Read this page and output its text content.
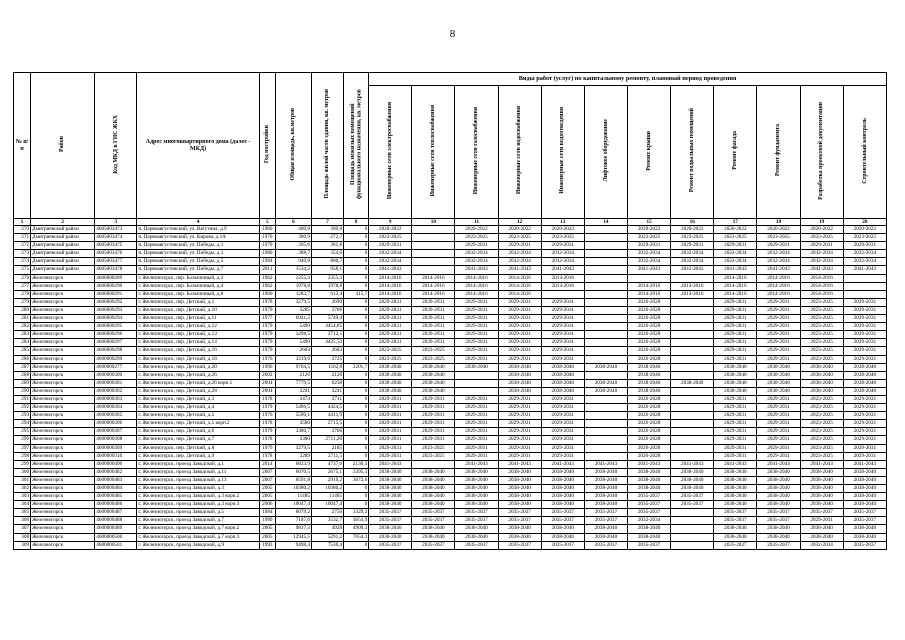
8
№ п/п	Район	Код МКД в ГИС ЖКХ	Адрес многоквартирного дома (далее - МКД)	Год постройки	Общая площадь, кв.метров	Площадь жилой части здания, кв. метров	Площадь нежилых помещений функционального назначения, кв. метров	Виды работ (услуг) по капитальному ремонту, плановый период проведения											
								Инженерные сети электроснабжения	Инженерные сети теплоснабжения	Инженерные сети газоснабжения	Инженерные сети водоснабжения	Инженерные сети водоотведения	Лифтовое оборудование	Ремонт крыши	Ремонт подвальных помещений	Ремонт фасада	Ремонт фундамента	Разработка проектной документации	Строительный контроль
1	2	3	4	5	6	7	8	9	10	11	12	13	14	15	16	17	18	19	20
270	Дмитриевский район	4605003473	п. Первоавгустовский, ул. Ватутина, д.9	1960	400,8	360,8	0	2020-2022		2020-2022	2020-2022	2020-2022		2020-2022	2020-2022	2020-2022	2020-2022	2020-2022	2020-2022
271	Дмитриевский район	4605003474	п. Первоавгустовский, ул. Кирова, д.1А	1970	300,9	272,7	0	2023-2025		2023-2025	2023-2025	2023-2025		2023-2025	2023-2025	2023-2025	2023-2025	2023-2025	2023-2025
272	Дмитриевский район	4605003475	п. Первоавгустовский, ул. Победы, д.1	1979	395,6	361,8	0	2029-2031		2029-2031	2029-2031	2029-2031		2029-2031	2029-2031	2029-2031	2029-2031	2029-2031	2029-2031
273	Дмитриевский район	4605003476	п. Первоавгустовский, ул. Победы, д.3	1980	388,7	354,6	0	2032-2034		2032-2034	2032-2034	2032-2034		2032-2034	2032-2034	2032-2034	2032-2034	2032-2034	2032-2034
274	Дмитриевский район	4605003477	п. Первоавгустовский, ул. Победы, д.5	1984	940,8	860,7	0	2032-2034		2032-2034	2032-2034	2032-2034		2032-2034	2032-2034	2032-2034	2032-2034	2032-2034	2032-2034
275	Дмитриевский район	4605003478	п. Первоавгустовский, ул. Победы, д.7	2011	1534,2	958,1	0	2041-2043		2041-2043	2041-2043	2041-2043		2041-2043	2041-2043	2041-2043	2041-2043	2041-2043	2041-2043
276	Железногорск	4606000289	г. Железногорск, пер. Больничный, д.2	1962	2355,3	2355,3	0	2014-2016	2014-2016	2014-2016	2014-2016	2014-2016				2014-2016	2014-2016	2014-2016	
277	Железногорск	4606000290	г. Железногорск, пер. Больничный, д.4	1962	1978,8	1978,8	0	2014-2016	2014-2016	2014-2016	2014-2016	2014-2016		2014-2016	2014-2016	2014-2016	2014-2016	2014-2016	
278	Железногорск	4606000291	г. Железногорск, пер. Больничный, д.8	1960	1283,7	612,4	415,7	2014-2016	2014-2016	2014-2016	2014-2016			2014-2016	2014-2016	2014-2016	2014-2016	2014-2016	
279	Железногорск	4606000292	г. Железногорск, пер. Детский, д.1	1978	3279,5	2690	0	2029-2031	2029-2031	2029-2031	2029-2031	2029-2031		2026-2028		2029-2031	2029-2031	2023-2025	2029-2031
280	Железногорск	4606000293	г. Железногорск, пер. Детский, д.10	1979	3285	2706	0	2029-2031	2029-2031	2029-2031	2029-2031	2029-2031		2026-2028		2029-2031	2029-2031	2023-2025	2029-2031
281	Железногорск	4606000294	г. Железногорск, пер. Детский, д.11	1977	6941,2	5749,4	0	2029-2031	2029-2031	2029-2031	2029-2031	2029-2031		2026-2028		2029-2031	2029-2031	2023-2025	2029-2031
282	Железногорск	4606000295	г. Железногорск, пер. Детский, д.12	1979	5400	4454,85	0	2029-2031	2029-2031	2029-2031	2029-2031	2029-2031		2026-2028		2029-2031	2029-2031	2023-2025	2029-2031
283	Железногорск	4606000296	г. Железногорск, пер. Детский, д.13	1979	3298,5	2712,5	0	2029-2031	2029-2031	2029-2031	2029-2031	2029-2031		2026-2028		2029-2031	2029-2031	2023-2025	2029-2031
284	Железногорск	4606000297	г. Железногорск, пер. Детский, д.14	1979	5400	4425,53	0	2029-2031	2029-2031	2029-2031	2029-2031	2029-2031		2026-2028		2029-2031	2029-2031	2023-2025	2029-2031
285	Железногорск	4606000298	г. Железногорск, пер. Детский, д.16	1979	2683	2683	0	2023-2025	2023-2025	2029-2031	2029-2031	2029-2031		2026-2028		2029-2031	2029-2031	2023-2025	2029-2031
286	Железногорск	4606000299	г. Железногорск, пер. Детский, д.18	1976	3319,6	2725	0	2023-2025	2023-2025	2029-2031	2029-2031	2029-2031		2026-2028		2029-2031	2029-2031	2023-2025	2029-2031
287	Железногорск	4606000277	г. Железногорск, пер. Детский, д.20	1990	9704,5	1502,8	2201,7	2038-2040	2038-2040	2038-2040	2038-2040	2038-2040	2038-2040	2038-2040		2038-2040	2038-2040	2038-2040	2038-2040
288	Железногорск	4606000300	г. Железногорск, пер. Детский, д.26	2002	2126	2126	0	2038-2040	2038-2040		2038-2040	2038-2040		2038-2040		2038-2040	2038-2040	2038-2040	2038-2040
289	Железногорск	4606000301	г. Железногорск, пер. Детский, д.26 корп.1	2004	7779,5	6238	0	2038-2040	2038-2040		2038-2040	2038-2040	2038-2040	2038-2040	2038-2040	2038-2040	2038-2040	2038-2040	2038-2040
290	Железногорск	4606000302	г. Железногорск, пер. Детский, д.28	2004	3241	3241	0	2038-2040	2038-2040		2038-2040	2038-2040	2038-2040	2038-2040		2038-2040	2038-2040	2038-2040	2038-2040
291	Железногорск	4606000303	г. Железногорск, пер. Детский, д.3	1978	3474	2711	0	2029-2031	2029-2031	2029-2031	2029-2031	2029-2031		2026-2028		2029-2031	2029-2031	2023-2025	2029-2031
292	Железногорск	4606000304	г. Железногорск, пер. Детский, д.4	1979	5406,5	4424,5	0	2029-2031	2029-2031	2029-2031	2029-2031	2029-2031		2026-2028		2029-2031	2029-2031	2023-2025	2029-2031
293	Железногорск	4606000305	г. Железногорск, пер. Детский, д.5	1976	5590,1	4411,9	0	2029-2031	2029-2031	2029-2031	2029-2031	2029-2031		2026-2028		2029-2031	2029-2031	2023-2025	2029-2031
294	Железногорск	4606000306	г. Железногорск, пер. Детский, д.5 корп.2	1978	3580	2715,5	0	2029-2031	2029-2031	2029-2031	2029-2031	2029-2031		2026-2028		2029-2031	2029-2031	2023-2025	2029-2031
295	Железногорск	4606000307	г. Железногорск, пер. Детский, д.6	1979	3380,7	2706	0	2029-2031	2029-2031	2029-2031	2029-2031	2029-2031		2026-2028		2029-2031	2029-2031	2023-2025	2029-2031
296	Железногорск	4606000308	г. Железногорск, пер. Детский, д.7	1978	3300	2711,26	0	2029-2031	2029-2031	2029-2031	2029-2031	2029-2031		2026-2028		2029-2031	2029-2031	2023-2025	2029-2031
297	Железногорск	4606000309	г. Железногорск, пер. Детский, д.8	1979	3279,5	2185	0	2029-2031	2023-2025	2029-2031	2029-2031	2029-2031		2026-2028		2029-2031	2029-2031	2023-2025	2029-2031
298	Железногорск	4606000310	г. Железногорск, пер. Детский, д.9	1978	3289	2711,5	0	2029-2031	2023-2025	2029-2031	2029-2031	2029-2031		2026-2028		2029-2031	2029-2031	2023-2025	2029-2031
299	Железногорск	4606000490	г. Железногорск, проезд Заводской, д.1	2014	6823,9	4737,6	2136,3	2041-2043		2041-2043	2041-2043	2041-2043	2041-2043	2041-2043	2041-2043	2041-2043	2041-2043	2041-2043	2041-2043
300	Железногорск	4606000482	г. Железногорск, проезд Заводской, д.11	2007	6070,5	2675,1	3395,3	2038-2040	2038-2040	2038-2040	2038-2040	2038-2040	2038-2040	2038-2040	2038-2040	2038-2040	2038-2040	2038-2040	2038-2040
301	Железногорск	4606000483	г. Железногорск, проезд Заводской, д.13	2007	6591,8	2919,2	3672,6	2038-2040	2038-2040	2038-2040	2038-2040	2038-2040	2038-2040	2038-2040	2038-2040	2038-2040	2038-2040	2038-2040	2038-2040
302	Железногорск	4606000484	г. Железногорск, проезд Заводской, д.3	2005	10380,2	10380,2	0	2038-2040	2038-2040	2038-2040	2038-2040	2038-2040	2038-2040	2038-2040	2038-2040	2038-2040	2038-2040	2038-2040	2038-2040
303	Железногорск	4606000485	г. Железногорск, проезд Заводской, д.3 корп.2	2005	11485	11485	0	2038-2040	2038-2040	2038-2040	2038-2040	2038-2040	2038-2040	2035-2037	2035-2037	2038-2040	2038-2040	2038-2040	2038-2040
304	Железногорск	4606000486	г. Железногорск, проезд Заводской, д.3 корп.3	2006	10047,4	10047,4	0	2038-2040	2038-2040	2038-2040	2038-2040	2038-2040	2038-2040	2035-2037	2035-2037	2038-2040	2038-2040	2038-2040	2038-2040
305	Железногорск	4606000487	г. Железногорск, проезд Заводской, д.5	1984	6079,2	2750	3329,2	2035-2037	2035-2037	2035-2037	2035-2037	2035-2037	2035-2037	2035-2037		2035-2037	2035-2037	2035-2037	2035-2037
306	Железногорск	4606000488	г. Железногорск, проезд Заводской, д.7	1989	7187,6	3532,7	3654,9	2035-2037	2035-2037	2035-2037	2035-2037	2035-2037	2035-2037	2032-2034		2035-2037	2035-2037	2029-2031	2035-2037
307	Железногорск	4606000489	г. Железногорск, проезд Заводской, д.7 корп.2	2005	9837,3	4928	4909,3	2038-2040	2038-2040	2038-2040	2038-2040	2038-2040	2038-2040	2038-2040		2038-2040	2038-2040	2038-2040	2038-2040
308	Железногорск	4606000500	г. Железногорск, проезд Заводской, д.7 корп.3	2005	12945,5	5291,2	7654,3	2038-2040	2038-2040	2038-2040	2038-2040	2038-2040	2038-2040	2038-2040		2038-2040	2038-2040	2038-2040	2038-2040
309	Железногорск	4606000501	г. Железногорск, проезд Заводской, д.9	1993	9498,4	7536,4	0	2035-2037	2035-2037	2035-2037	2035-2037	2035-2037	2035-2037	2035-2037		2035-2037	2035-2037	2032-2034	2035-2037
